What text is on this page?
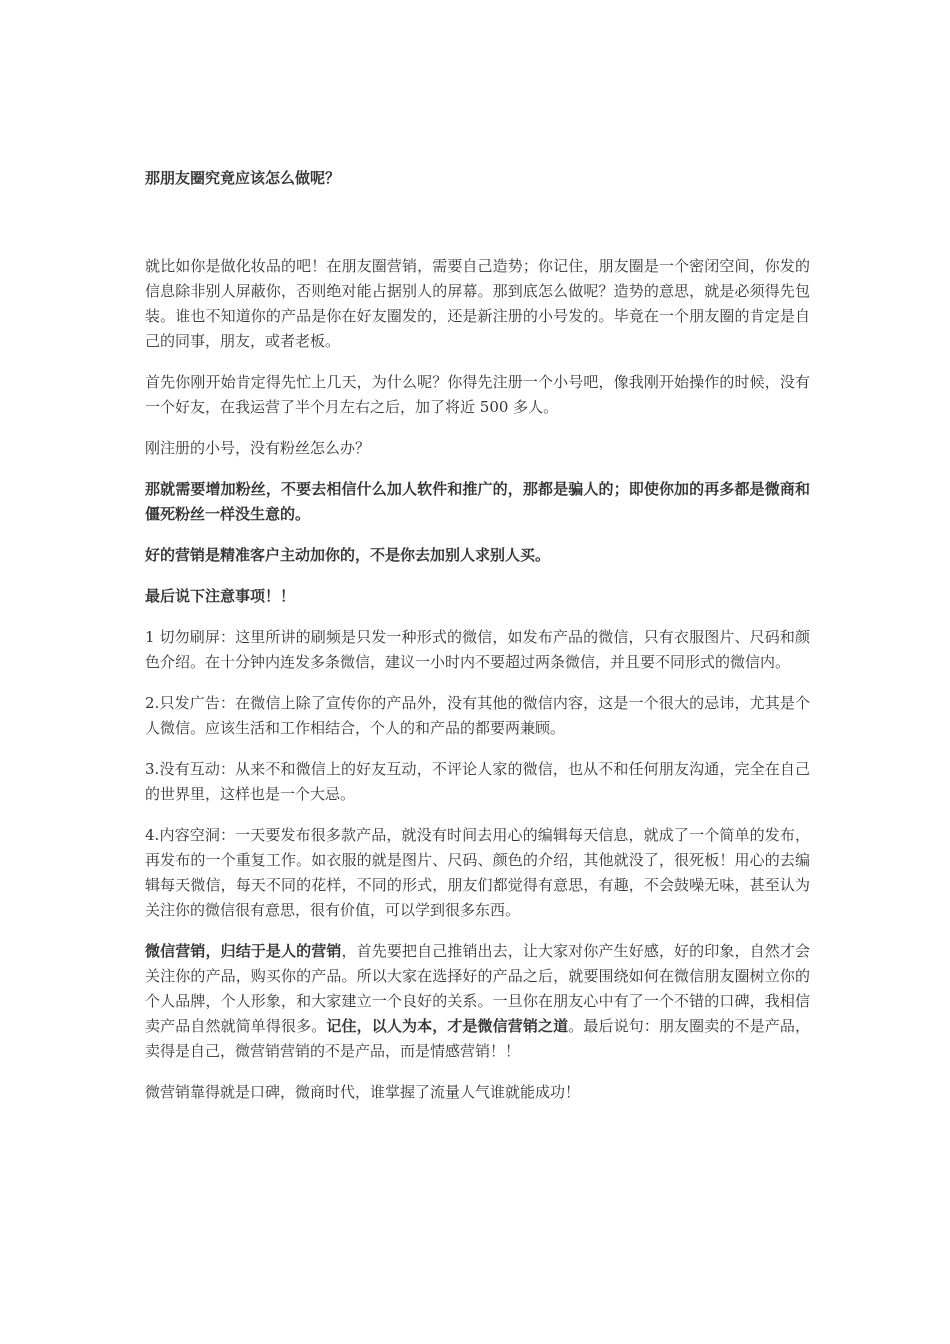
那朋友圈究竟应该怎么做呢？

就比如你是做化妆品的吧！在朋友圈营销，需要自己造势；你记住，朋友圈是一个密闭空间，你发的信息除非别人屏蔽你，否则绝对能占据别人的屏幕。那到底怎么做呢？造势的意思，就是必须得先包装。谁也不知道你的产品是你在好友圈发的，还是新注册的小号发的。毕竟在一个朋友圈的肯定是自己的同事，朋友，或者老板。

首先你刚开始肯定得先忙上几天，为什么呢？你得先注册一个小号吧，像我刚开始操作的时候，没有一个好友，在我运营了半个月左右之后，加了将近 500 多人。

刚注册的小号，没有粉丝怎么办？

那就需要增加粉丝，不要去相信什么加人软件和推广的，那都是骗人的；即使你加的再多都是微商和僵死粉丝一样没生意的。

好的营销是精准客户主动加你的，不是你去加别人求别人买。

最后说下注意事项！！

1 切勿刷屏：这里所讲的刷频是只发一种形式的微信，如发布产品的微信，只有衣服图片、尺码和颜色介绍。在十分钟内连发多条微信，建议一小时内不要超过两条微信，并且要不同形式的微信内。

2.只发广告：在微信上除了宣传你的产品外，没有其他的微信内容，这是一个很大的忌讳，尤其是个人微信。应该生活和工作相结合，个人的和产品的都要两兼顾。

3.没有互动：从来不和微信上的好友互动，不评论人家的微信，也从不和任何朋友沟通，完全在自己的世界里，这样也是一个大忌。

4.内容空洞：一天要发布很多款产品，就没有时间去用心的编辑每天信息，就成了一个简单的发布，再发布的一个重复工作。如衣服的就是图片、尺码、颜色的介绍，其他就没了，很死板！用心的去编辑每天微信，每天不同的花样，不同的形式，朋友们都觉得有意思，有趣，不会鼓噪无味，甚至认为关注你的微信很有意思，很有价值，可以学到很多东西。

微信营销，归结于是人的营销，首先要把自己推销出去，让大家对你产生好感，好的印象，自然才会关注你的产品，购买你的产品。所以大家在选择好的产品之后，就要围绕如何在微信朋友圈树立你的个人品牌，个人形象，和大家建立一个良好的关系。一旦你在朋友心中有了一个不错的口碑，我相信卖产品自然就简单得很多。记住，以人为本，才是微信营销之道。最后说句：朋友圈卖的不是产品，卖得是自己，微营销营销的不是产品，而是情感营销！！

微营销靠得就是口碑，微商时代，谁掌握了流量人气谁就能成功！
